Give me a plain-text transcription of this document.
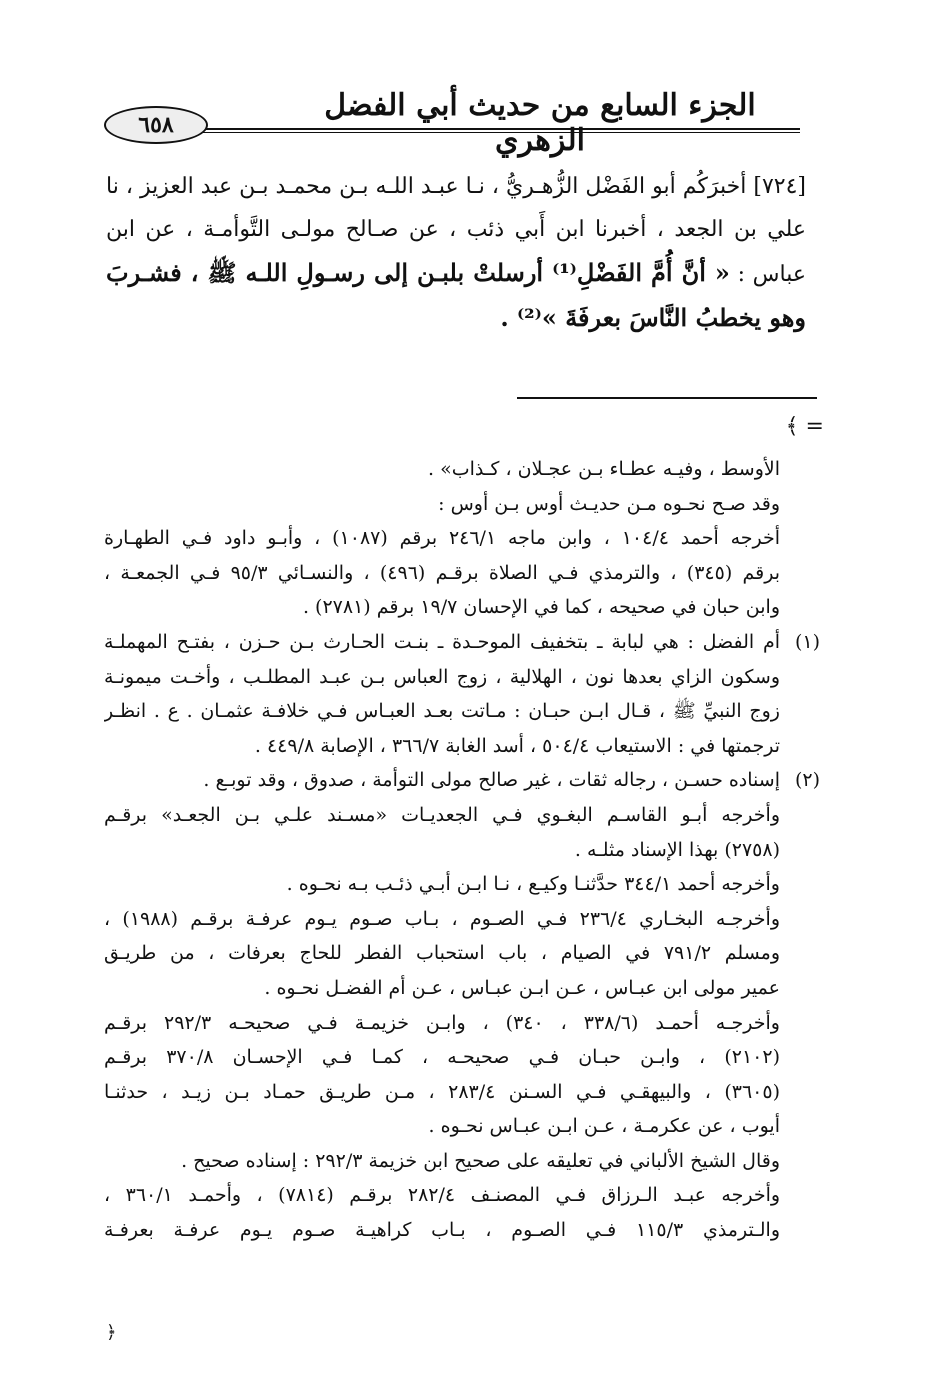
الجزء السابع من حديث أبي الفضل الزهري
٦٥٨
[٧٢٤] أخبرَكُم أبو الفَضْل الزُّهـريُّ ، نـا عبـد اللـه بـن محمـد بـن عبد العزيز ، نا علي بن الجعد ، أخبرنا ابن أَبي ذئب ، عن صـالح مولـى التَّوأمـة ، عن ابن عباس : « أنَّ أُمَّ الفَضْلِ⁽¹⁾ أرسلتْ بلبـن إلى رسـولِ اللـه ﷺ ، فشـربَ وهو يخطبُ النَّاسَ بعرفَةَ »⁽²⁾ .
= ﴾
الأوسط ، وفيـه عطـاء بـن عجـلان ، كـذاب» .
وقد صـح نحـوه مـن حديـث أوس بـن أوس :
أخرجه أحمد ١٠٤/٤ ، وابن ماجه ٢٤٦/١ برقم (١٠٨٧) ، وأبـو داود فـي الطهـارة
برقم (٣٤٥) ، والترمذي فـي الصلاة برقـم (٤٩٦) ، والنسـائي ٩٥/٣ فـي الجمعـة ،
وابن حبان في صحيحه ، كما في الإحسان ١٩/٧ برقم (٢٧٨١) .
(١)أم الفضل : هي لبابة ـ بتخفيف الموحـدة ـ بنـت الحـارث بـن حـزن ، بفتـح المهملـة
وسكون الزاي بعدها نون ، الهلالية ، زوج العباس بـن عبـد المطلـب ، وأخـت ميمونـة
زوج النبيِّ ﷺ ، قـال ابـن حبـان : مـاتت بعـد العبـاس فـي خلافـة عثمـان . ع . انظـر
ترجمتها في : الاستيعاب ٥٠٤/٤ ، أسد الغابة ٣٦٦/٧ ، الإصابة ٤٤٩/٨ .
(٢)إسناده حسـن ، رجاله ثقات ، غير صالح مولى التوأمة ، صدوق ، وقد توبـع .
وأخرجه أبـو القاسـم البغـوي فـي الجعديـات «مسـند علـي بـن الجعـد» برقـم
(٢٧٥٨) بهذا الإسناد مثلـه .
وأخرجه أحمد ٣٤٤/١ حدَّثنـا وكيـع ، نـا ابـن أبـي ذئـب بـه نحـوه .
وأخرجـه البخـاري ٢٣٦/٤ فـي الصـوم ، بـاب صـوم يـوم عرفـة برقـم (١٩٨٨) ،
ومسلم ٧٩١/٢ في الصيام ، باب استحباب الفطر للحاج بعرفات ، من طريـق
عمير مولى ابن عبـاس ، عـن ابـن عبـاس ، عـن أم الفضـل نحـوه .
وأخرجـه أحمـد (٣٣٨/٦ ، ٣٤٠) ، وابـن خزيمـة فـي صحيحـه ٢٩٢/٣ برقـم
(٢١٠٢) ، وابـن حبـان فـي صحيحـه ، كمـا فـي الإحسـان ٣٧٠/٨ برقـم
(٣٦٠٥) ، والبيهقـي فـي السـنن ٢٨٣/٤ ، مـن طريـق حمـاد بـن زيـد ، حدثنـا
أيوب ، عن عكرمـة ، عـن ابـن عبـاس نحـوه .
وقال الشيخ الألباني في تعليقه على صحيح ابن خزيمة ٢٩٢/٣ : إسناده صحيح .
وأخرجه عبـد الـرزاق فـي المصنـف ٢٨٢/٤ برقـم (٧٨١٤) ، وأحمـد ٣٦٠/١ ،
والـترمذي ١١٥/٣ فـي الصـوم ، بـاب كراهيـة صـوم يـوم عرفـة بعرفـة
﴿
